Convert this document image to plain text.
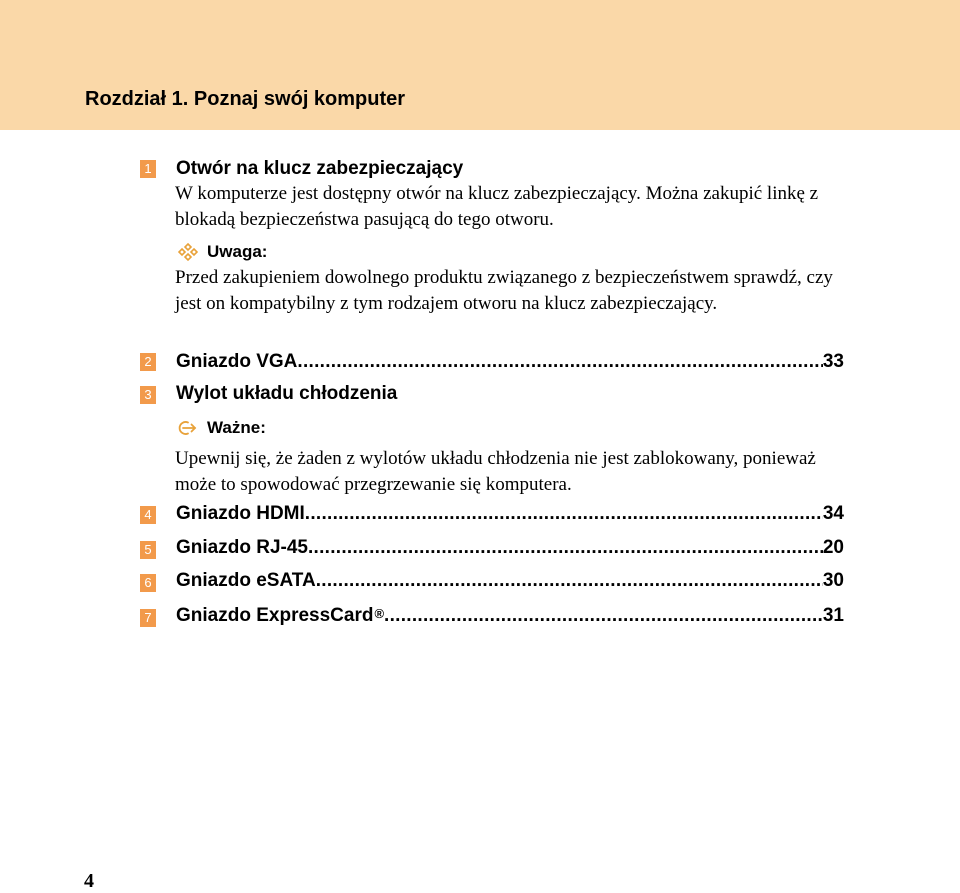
Rozdział 1. Poznaj swój komputer
1 Otwór na klucz zabezpieczający
W komputerze jest dostępny otwór na klucz zabezpieczający. Można zakupić linkę z blokadą bezpieczeństwa pasującą do tego otworu.
Uwaga:
Przed zakupieniem dowolnego produktu związanego z bezpieczeństwem sprawdź, czy jest on kompatybilny z tym rodzajem otworu na klucz zabezpieczający.
2 Gniazdo VGA . . .	33
3 Wylot układu chłodzenia
Ważne:
Upewnij się, że żaden z wylotów układu chłodzenia nie jest zablokowany, ponieważ może to spowodować przegrzewanie się komputera.
4 Gniazdo HDMI . . .	34
5 Gniazdo RJ-45 . . .	20
6 Gniazdo eSATA . . .	30
7 Gniazdo ExpressCard® . . .	31
4
